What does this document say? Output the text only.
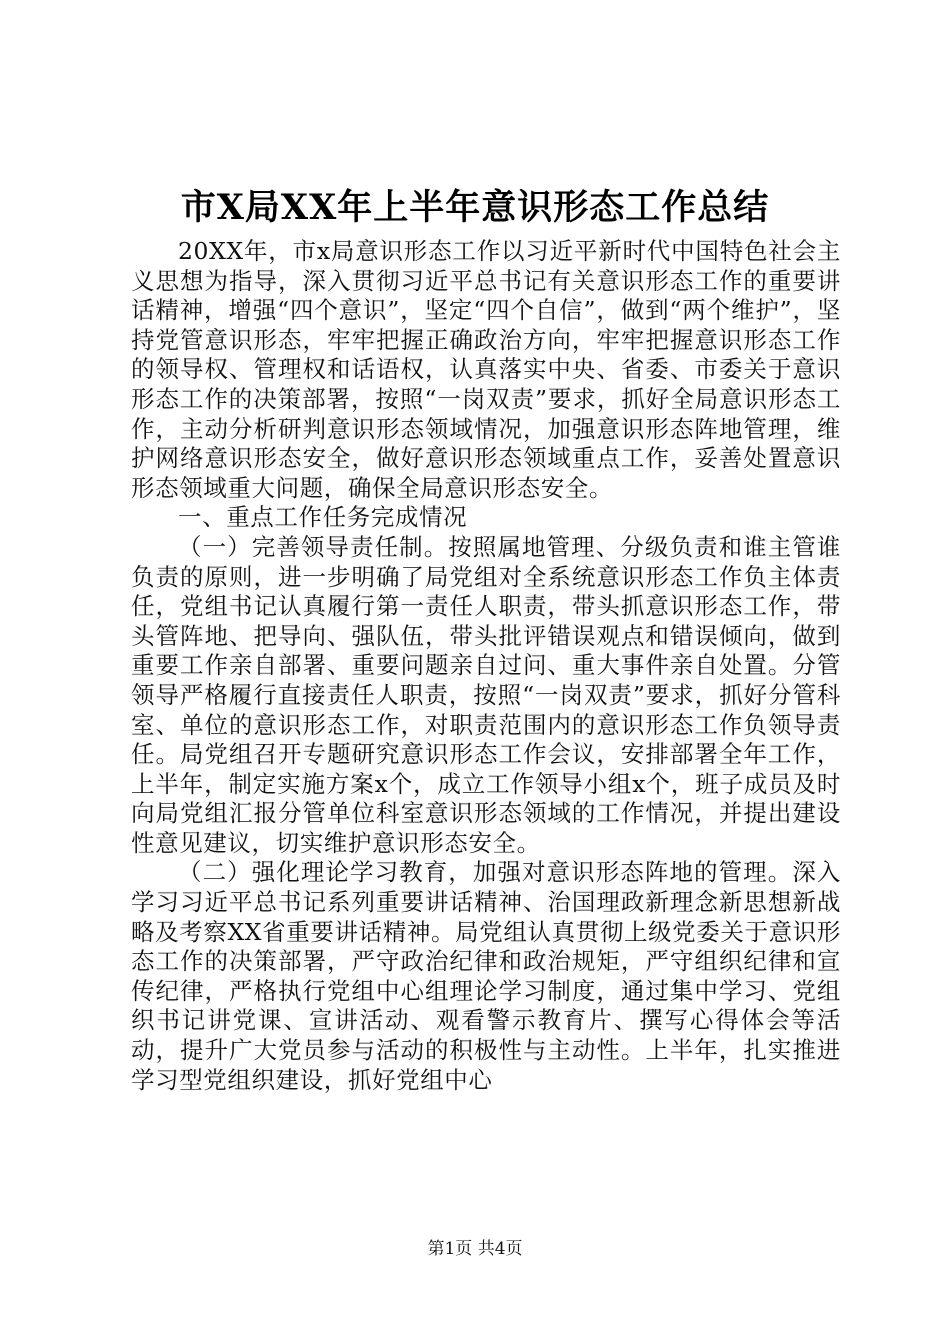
市X局XX年上半年意识形态工作总结

20XX年，市x局意识形态工作以习近平新时代中国特色社会主义思想为指导，深入贯彻习近平总书记有关意识形态工作的重要讲话精神，增强“四个意识”，坚定“四个自信”，做到“两个维护”，坚持党管意识形态，牢牢把握正确政治方向，牢牢把握意识形态工作的领导权、管理权和话语权，认真落实中央、省委、市委关于意识形态工作的决策部署，按照“一岗双责”要求，抓好全局意识形态工作，主动分析研判意识形态领域情况，加强意识形态阵地管理，维护网络意识形态安全，做好意识形态领域重点工作，妥善处置意识形态领域重大问题，确保全局意识形态安全。

一、重点工作任务完成情况

（一）完善领导责任制。按照属地管理、分级负责和谁主管谁负责的原则，进一步明确了局党组对全系统意识形态工作负主体责任，党组书记认真履行第一责任人职责，带头抓意识形态工作，带头管阵地、把导向、强队伍，带头批评错误观点和错误倾向，做到重要工作亲自部署、重要问题亲自过问、重大事件亲自处置。分管领导严格履行直接责任人职责，按照“一岗双责”要求，抓好分管科室、单位的意识形态工作，对职责范围内的意识形态工作负领导责任。局党组召开专题研究意识形态工作会议，安排部署全年工作，上半年，制定实施方案x个，成立工作领导小组x个，班子成员及时向局党组汇报分管单位科室意识形态领域的工作情况，并提出建设性意见建议，切实维护意识形态安全。

（二）强化理论学习教育，加强对意识形态阵地的管理。深入学习习近平总书记系列重要讲话精神、治国理政新理念新思想新战略及考察XX省重要讲话精神。局党组认真贯彻上级党委关于意识形态工作的决策部署，严守政治纪律和政治规矩，严守组织纪律和宣传纪律，严格执行党组中心组理论学习制度，通过集中学习、党组织书记讲党课、宣讲活动、观看警示教育片、撰写心得体会等活动，提升广大党员参与活动的积极性与主动性。上半年，扎实推进学习型党组织建设，抓好党组中心

第1页 共4页
